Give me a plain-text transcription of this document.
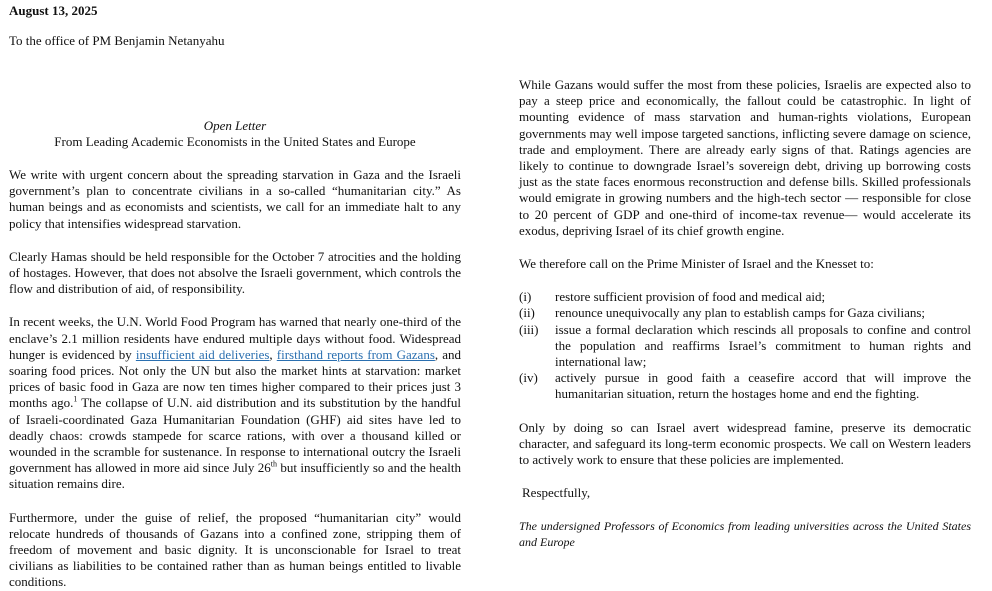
August 13, 2025
To the office of PM Benjamin Netanyahu
Open Letter
From Leading Academic Economists in the United States and Europe

We write with urgent concern about the spreading starvation in Gaza and the Israeli government’s plan to concentrate civilians in a so-called “humanitarian city.” As human beings and as economists and scientists, we call for an immediate halt to any policy that intensifies widespread starvation.

Clearly Hamas should be held responsible for the October 7 atrocities and the holding of hostages. However, that does not absolve the Israeli government, which controls the flow and distribution of aid, of responsibility.

In recent weeks, the U.N. World Food Program has warned that nearly one-third of the enclave’s 2.1 million residents have endured multiple days without food. Widespread hunger is evidenced by insufficient aid deliveries, firsthand reports from Gazans, and soaring food prices. Not only the UN but also the market hints at starvation: market prices of basic food in Gaza are now ten times higher compared to their prices just 3 months ago.$^1$ The collapse of U.N. aid distribution and its substitution by the handful of Israeli-coordinated Gaza Humanitarian Foundation (GHF) aid sites have led to deadly chaos: crowds stampede for scarce rations, with over a thousand killed or wounded in the scramble for sustenance. In response to international outcry the Israeli government has allowed in more aid since July 26th but insufficiently so and the health situation remains dire.

Furthermore, under the guise of relief, the proposed “humanitarian city” would relocate hundreds of thousands of Gazans into a confined zone, stripping them of freedom of movement and basic dignity. It is unconscionable for Israel to treat civilians as liabilities to be contained rather than as human beings entitled to livable conditions.

While Gazans would suffer the most from these policies, Israelis are expected also to pay a steep price and economically, the fallout could be catastrophic. In light of mounting evidence of mass starvation and human-rights violations, European governments may well impose targeted sanctions, inflicting severe damage on science, trade and employment. There are already early signs of that. Ratings agencies are likely to continue to downgrade Israel’s sovereign debt, driving up borrowing costs just as the state faces enormous reconstruction and defense bills. Skilled professionals would emigrate in growing numbers and the high-tech sector — responsible for close to 20 percent of GDP and one-third of income-tax revenue— would accelerate its exodus, depriving Israel of its chief growth engine.

We therefore call on the Prime Minister of Israel and the Knesset to:

(i)	restore sufficient provision of food and medical aid;
(ii)	renounce unequivocally any plan to establish camps for Gaza civilians;
(iii)	issue a formal declaration which rescinds all proposals to confine and control the population and reaffirms Israel’s commitment to human rights and international law;
(iv)	actively pursue in good faith a ceasefire accord that will improve the humanitarian situation, return the hostages home and end the fighting.

Only by doing so can Israel avert widespread famine, preserve its democratic character, and safeguard its long-term economic prospects. We call on Western leaders to actively work to ensure that these policies are implemented.

Respectfully,
The undersigned Professors of Economics from leading universities across the United States and Europe
